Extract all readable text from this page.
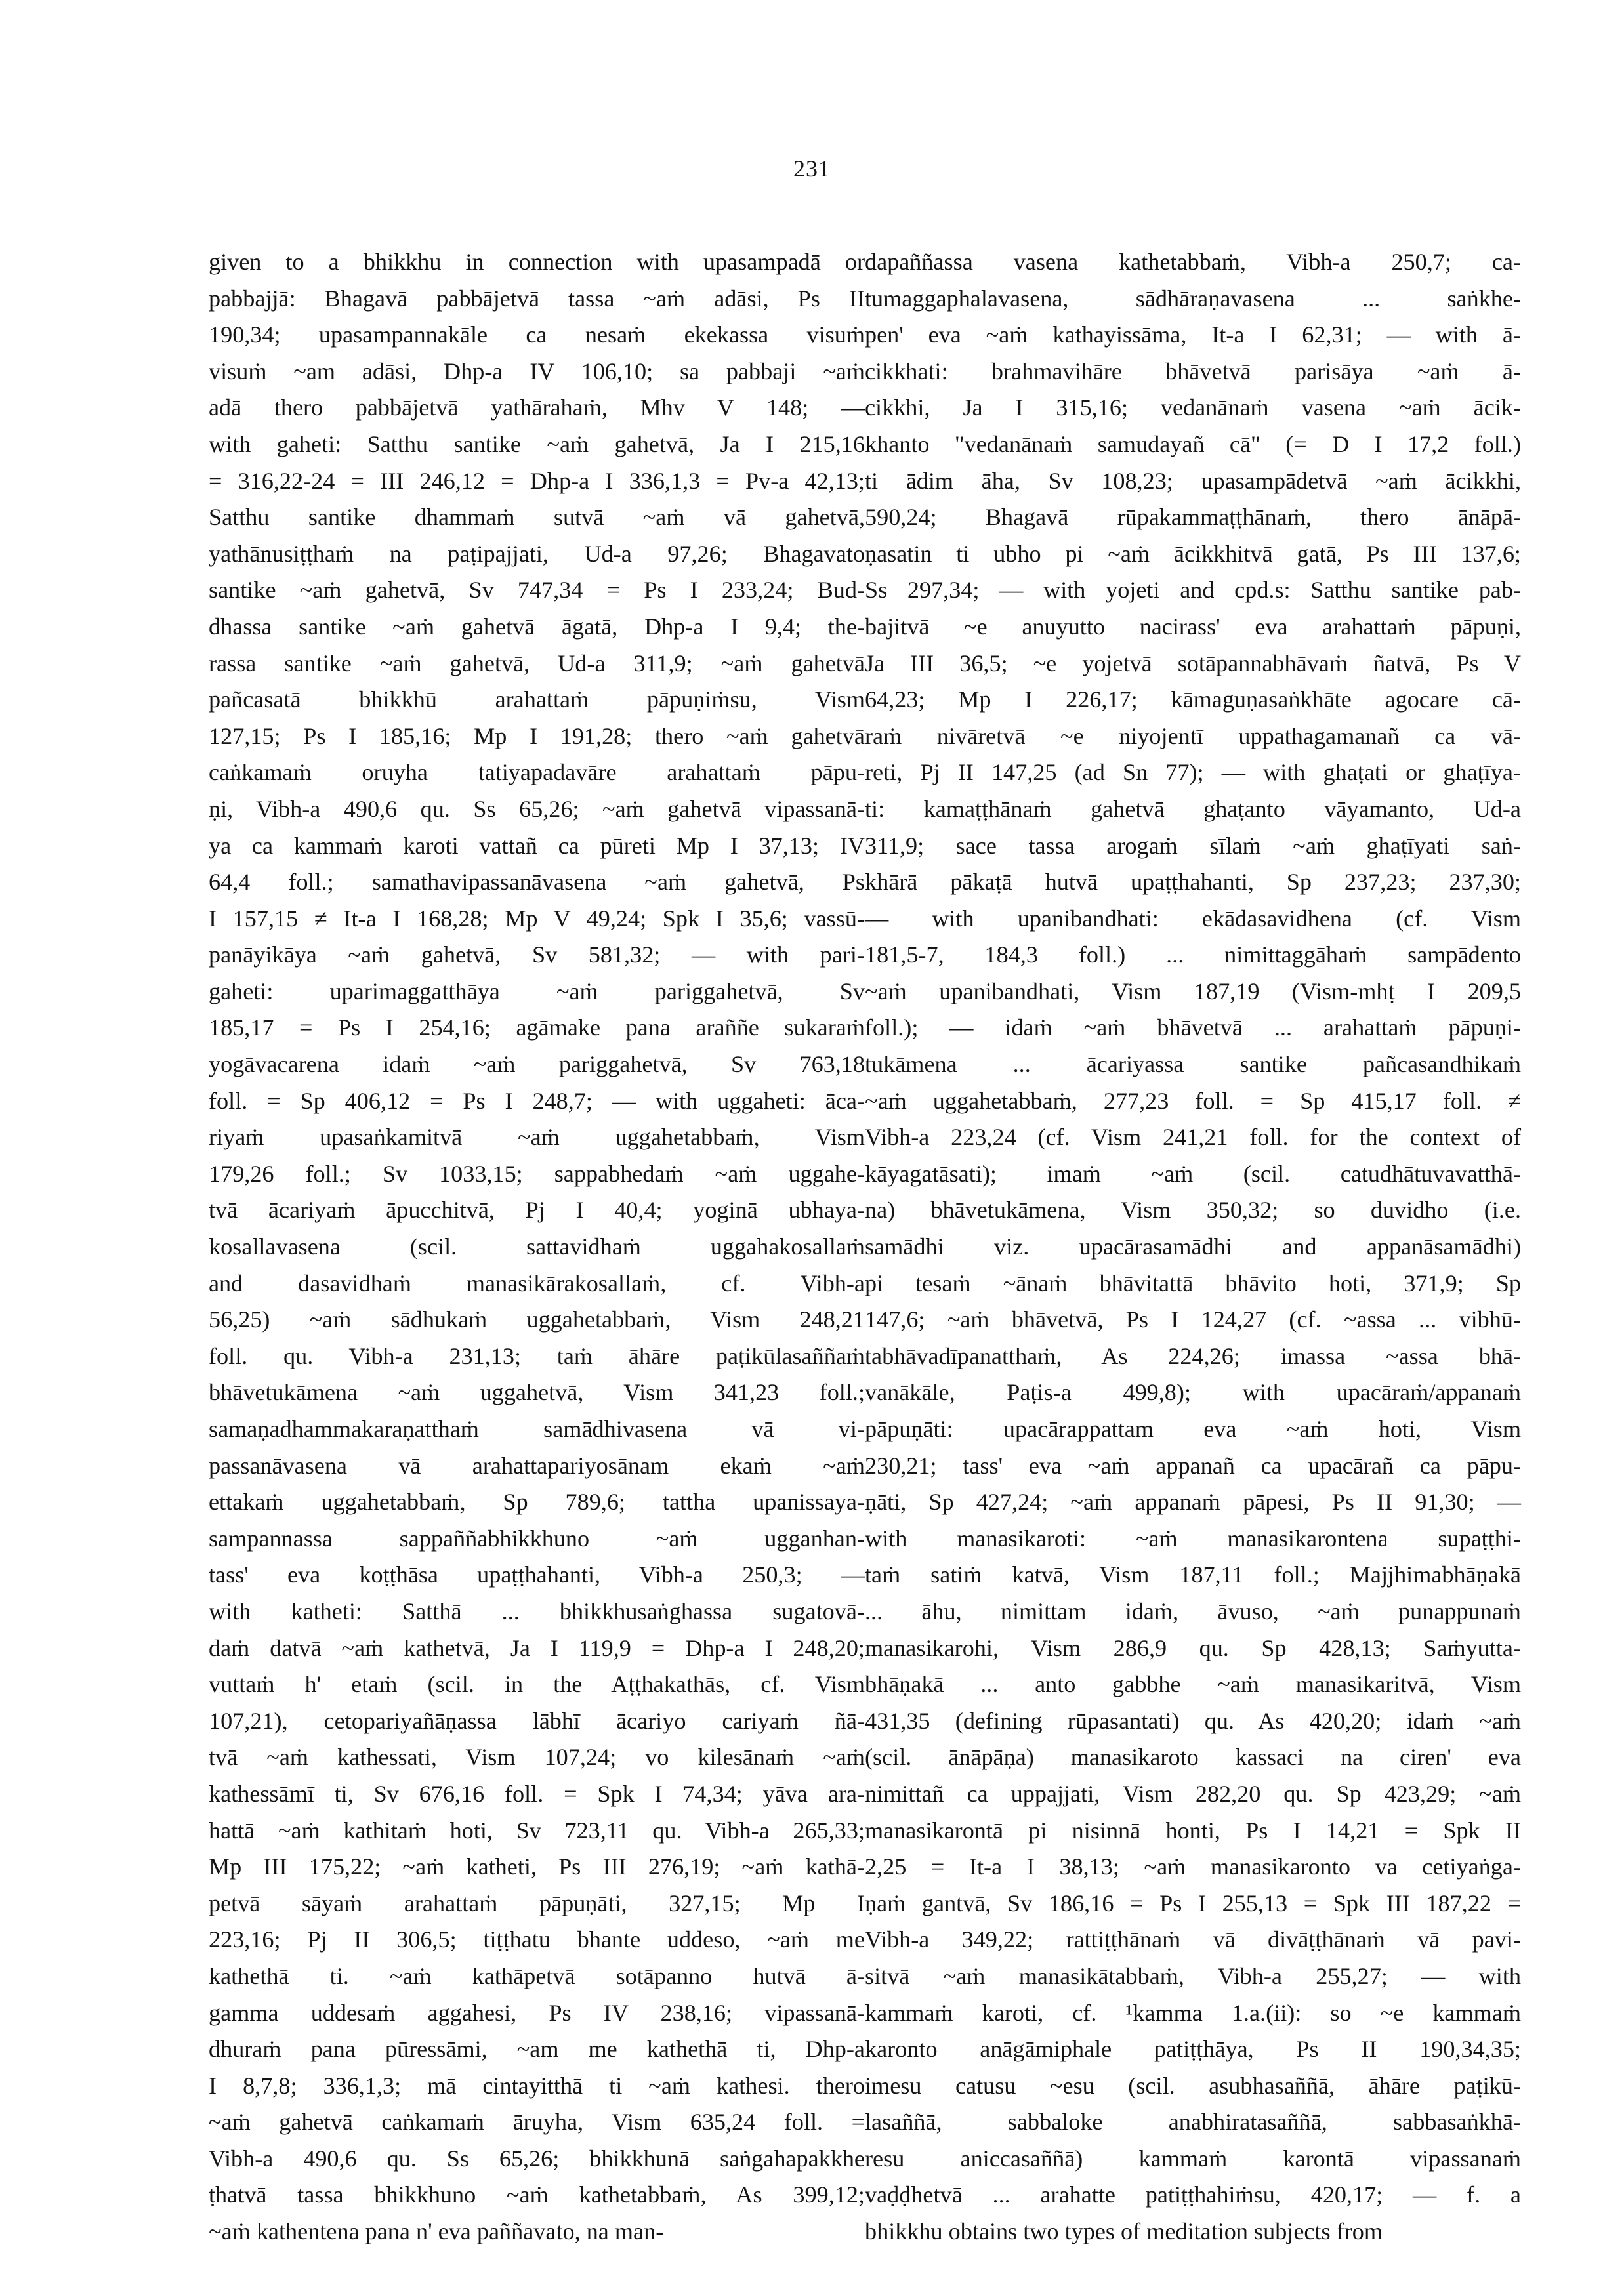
231
given to a bhikkhu in connection with upasampadā or
pabbajjā: Bhagavā pabbājetvā tassa ~aṁ adāsi, Ps II
190,34; upasampannakāle ca nesaṁ ekekassa visuṁ
visuṁ ~am adāsi, Dhp-a IV 106,10; sa pabbaji ~aṁ
adā thero pabbājetvā yathārahaṁ, Mhv V 148; —
with gaheti: Satthu santike ~aṁ gahetvā, Ja I 215,16
= 316,22-24 = III 246,12 = Dhp-a I 336,1,3 = Pv-a 42,13;
Satthu santike dhammaṁ sutvā ~aṁ vā gahetvā,
yathānusiṭṭhaṁ na paṭipajjati, Ud-a 97,26; Bhagavato
santike ~aṁ gahetvā, Sv 747,34 = Ps I 233,24; Bud-
dhassa santike ~aṁ gahetvā āgatā, Dhp-a I 9,4; the-
rassa santike ~aṁ gahetvā, Ud-a 311,9; ~aṁ gahetvā
pañcasatā bhikkhū arahattaṁ pāpuṇiṁsu, Vism
127,15; Ps I 185,16; Mp I 191,28; thero ~aṁ gahetvā
caṅkamaṁ oruyha tatiyapadavāre arahattaṁ pāpu-
ṇi, Vibh-a 490,6 qu. Ss 65,26; ~aṁ gahetvā vipassanā-
ya ca kammaṁ karoti vattañ ca pūreti Mp I 37,13; IV
64,4 foll.; samathavipassanāvasena ~aṁ gahetvā, Ps
I 157,15 ≠ It-a I 168,28; Mp V 49,24; Spk I 35,6; vassū-
panāyikāya ~aṁ gahetvā, Sv 581,32; — with pari-
gaheti: uparimaggatthāya ~aṁ pariggahetvā, Sv
185,17 = Ps I 254,16; agāmake pana araññe sukaraṁ
yogāvacarena idaṁ ~aṁ pariggahetvā, Sv 763,18
foll. = Sp 406,12 = Ps I 248,7; — with uggaheti: āca-
riyaṁ upasaṅkamitvā ~aṁ uggahetabbaṁ, Vism
179,26 foll.; Sv 1033,15; sappabhedaṁ ~aṁ uggahe-
tvā ācariyaṁ āpucchitvā, Pj I 40,4; yoginā ubhaya-
kosallavasena (scil. sattavidhaṁ uggahakosallaṁ
and dasavidhaṁ manasikārakosallaṁ, cf. Vibh-a
56,25) ~aṁ sādhukaṁ uggahetabbaṁ, Vism 248,21
foll. qu. Vibh-a 231,13; taṁ āhāre paṭikūlasaññaṁ
bhāvetukāmena ~aṁ uggahetvā, Vism 341,23 foll.;
samaṇadhammakaraṇatthaṁ samādhivasena vā vi-
passanāvasena vā arahattapariyosānam ekaṁ ~aṁ
ettakaṁ uggahetabbaṁ, Sp 789,6; tattha upanissaya-
sampannassa sappaññabhikkhuno ~aṁ ugganhan-
tass' eva koṭṭhāsa upaṭṭhahanti, Vibh-a 250,3; —
with katheti: Satthā ... bhikkhusaṅghassa sugatovā-
daṁ datvā ~aṁ kathetvā, Ja I 119,9 = Dhp-a I 248,20;
vuttaṁ h' etaṁ (scil. in the Aṭṭhakathās, cf. Vism
107,21), cetopariyañāṇassa lābhī ācariyo cariyaṁ ñā-
tvā ~aṁ kathessati, Vism 107,24; vo kilesānaṁ ~aṁ
kathessāmī ti, Sv 676,16 foll. = Spk I 74,34; yāva ara-
hattā ~aṁ kathitaṁ hoti, Sv 723,11 qu. Vibh-a 265,33;
Mp III 175,22; ~aṁ katheti, Ps III 276,19; ~aṁ kathā-
petvā sāyaṁ arahattaṁ pāpuṇāti, 327,15; Mp I
223,16; Pj II 306,5; tiṭṭhatu bhante uddeso, ~aṁ me
kathethā ti. ~aṁ kathāpetvā sotāpanno hutvā ā-
gamma uddesaṁ aggahesi, Ps IV 238,16; vipassanā-
dhuraṁ pana pūressāmi, ~am me kathethā ti, Dhp-a
I 8,7,8; 336,1,3; mā cintayitthā ti ~aṁ kathesi. thero
~aṁ gahetvā caṅkamaṁ āruyha, Vism 635,24 foll. =
Vibh-a 490,6 qu. Ss 65,26; bhikkhunā saṅgahapakkhe
ṭhatvā tassa bhikkhuno ~aṁ kathetabbaṁ, As 399,12;
~aṁ kathentena pana n' eva paññavato, na man-
dapaññassa vasena kathetabbaṁ, Vibh-a 250,7; ca-
tumaggaphalavasena, sādhāraṇavasena ... saṅkhe-
pen' eva ~aṁ kathayissāma, It-a I 62,31; — with ā-
cikkhati: brahmavihāre bhāvetvā parisāya ~aṁ ā-
cikkhi, Ja I 315,16; vedanānaṁ vasena ~aṁ ācik-
khanto "vedanānaṁ samudayañ cā" (= D I 17,2 foll.)
ti ādim āha, Sv 108,23; upasampādetvā ~aṁ ācikkhi,
590,24; Bhagavā rūpakammaṭṭhānaṁ, thero ānāpā-
ṇasatin ti ubho pi ~aṁ ācikkhitvā gatā, Ps III 137,6;
Ss 297,34; — with yojeti and cpd.s: Satthu santike pab-
bajitvā ~e anuyutto nacirass' eva arahattaṁ pāpuṇi,
Ja III 36,5; ~e yojetvā sotāpannabhāvaṁ ñatvā, Ps V
64,23; Mp I 226,17; kāmaguṇasaṅkhāte agocare cā-
raṁ nivāretvā ~e niyojentī uppathagamanañ ca vā-
reti, Pj II 147,25 (ad Sn 77); — with ghaṭati or ghaṭīya-
ti: kamaṭṭhānaṁ gahetvā ghaṭanto vāyamanto, Ud-a
311,9; sace tassa arogaṁ sīlaṁ ~aṁ ghaṭīyati saṅ-
khārā pākaṭā hutvā upaṭṭhahanti, Sp 237,23; 237,30;
— with upanibandhati: ekādasavidhena (cf. Vism
181,5-7, 184,3 foll.) ... nimittaggāhaṁ sampādento
~aṁ upanibandhati, Vism 187,19 (Vism-mhṭ I 209,5
foll.); — idaṁ ~aṁ bhāvetvā ... arahattaṁ pāpuṇi-
tukāmena ... ācariyassa santike pañcasandhikaṁ
~aṁ uggahetabbaṁ, 277,23 foll. = Sp 415,17 foll. ≠
Vibh-a 223,24 (cf. Vism 241,21 foll. for the context of
kāyagatāsati); imaṁ ~aṁ (scil. catudhātuvavatthā-
na) bhāvetukāmena, Vism 350,32; so duvidho (i.e.
samādhi viz. upacārasamādhi and appanāsamādhi)
pi tesaṁ ~ānaṁ bhāvitattā bhāvito hoti, 371,9; Sp
147,6; ~aṁ bhāvetvā, Ps I 124,27 (cf. ~assa ... vibhū-
tabhāvadīpanatthaṁ, As 224,26; imassa ~assa bhā-
vanākāle, Paṭis-a 499,8); with upacāraṁ/appanaṁ
pāpuṇāti: upacārappattam eva ~aṁ hoti, Vism
230,21; tass' eva ~aṁ appanañ ca upacārañ ca pāpu-
ṇāti, Sp 427,24; ~aṁ appanaṁ pāpesi, Ps II 91,30; —
with manasikaroti: ~aṁ manasikarontena supaṭṭhi-
taṁ satiṁ katvā, Vism 187,11 foll.; Majjhimabhāṇakā
... āhu, nimittam idaṁ, āvuso, ~aṁ punappunaṁ
manasikarohi, Vism 286,9 qu. Sp 428,13; Saṁyutta-
bhāṇakā ... anto gabbhe ~aṁ manasikaritvā, Vism
431,35 (defining rūpasantati) qu. As 420,20; idaṁ ~aṁ
(scil. ānāpāṇa) manasikaroto kassaci na ciren' eva
nimittañ ca uppajjati, Vism 282,20 qu. Sp 423,29; ~aṁ
manasikarontā pi nisinnā honti, Ps I 14,21 = Spk II
2,25 = It-a I 38,13; ~aṁ manasikaronto va cetiyaṅga-
ṇaṁ gantvā, Sv 186,16 = Ps I 255,13 = Spk III 187,22 =
Vibh-a 349,22; rattiṭṭhānaṁ vā divāṭṭhānaṁ vā pavi-
sitvā ~aṁ manasikātabbaṁ, Vibh-a 255,27; — with
kammaṁ karoti, cf. ¹kamma 1.a.(ii): so ~e kammaṁ
karonto anāgāmiphale patiṭṭhāya, Ps II 190,34,35;
imesu catusu ~esu (scil. asubhasaññā, āhāre paṭikū-
lasaññā, sabbaloke anabhiratasaññā, sabbasaṅkhā-
resu aniccasaññā) kammaṁ karontā vipassanaṁ
vaḍḍhetvā ... arahatte patiṭṭhahiṁsu, 420,17; — f. a
bhikkhu obtains two types of meditation subjects from
